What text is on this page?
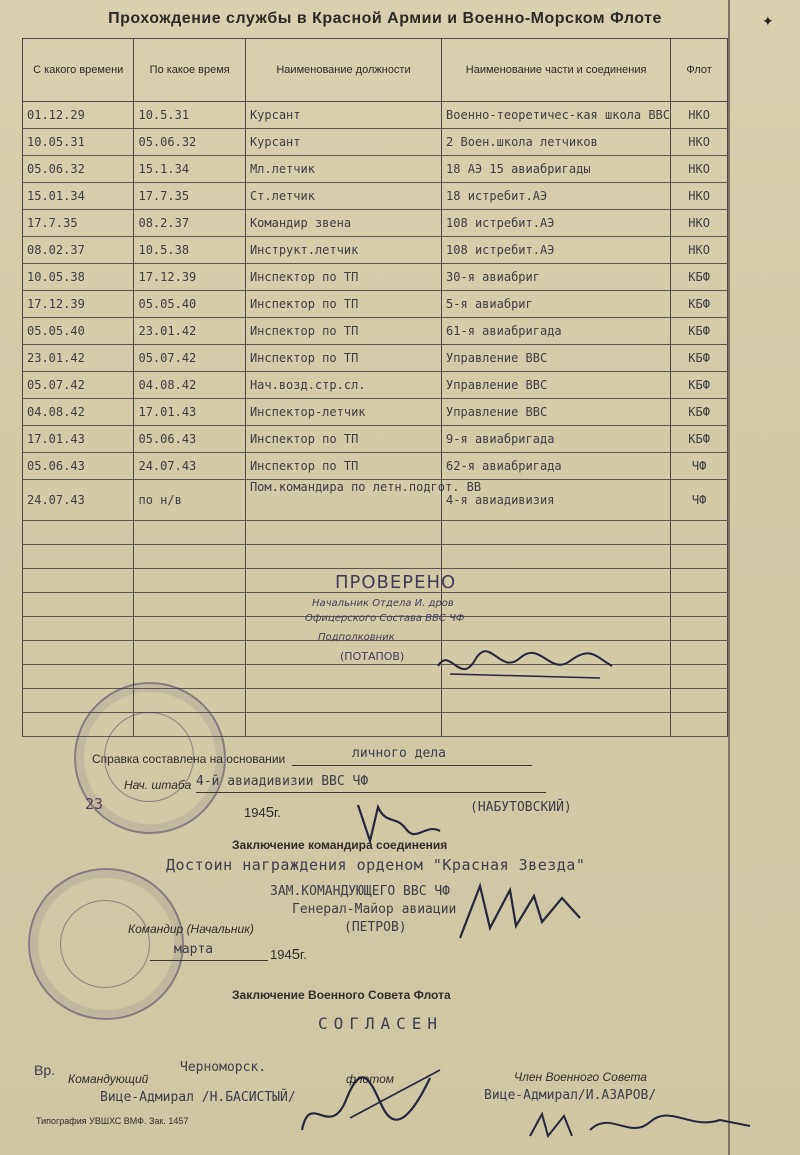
✦
Прохождение службы в Красной Армии и Военно-Морском Флоте
С какого времени	По какое время	Наименование должности	Наименование части и соединения	Флот
01.12.29	10.5.31	Курсант	Военно-теоретичес-кая школа ВВС	НКО
10.05.31	05.06.32	Курсант	2 Воен.школа летчиков	НКО
05.06.32	15.1.34	Мл.летчик	18 АЭ 15 авиабригады	НКО
15.01.34	17.7.35	Ст.летчик	18 истребит.АЭ	НКО
17.7.35	08.2.37	Командир звена	108 истребит.АЭ	НКО
08.02.37	10.5.38	Инструкт.летчик	108 истребит.АЭ	НКО
10.05.38	17.12.39	Инспектор по ТП	30-я авиабриг	КБФ
17.12.39	05.05.40	Инспектор по ТП	5-я авиабриг	КБФ
05.05.40	23.01.42	Инспектор по ТП	61-я авиабригада	КБФ
23.01.42	05.07.42	Инспектор по ТП	Управление ВВС	КБФ
05.07.42	04.08.42	Нач.возд.стр.сл.	Управление ВВС	КБФ
04.08.42	17.01.43	Инспектор-летчик	Управление ВВС	КБФ
17.01.43	05.06.43	Инспектор по ТП	9-я авиабригада	КБФ
05.06.43	24.07.43	Инспектор по ТП	62-я авиабригада	ЧФ
24.07.43	по н/в	Пом.командира по летн.подгот. ВВ	4-я авиадивизия	ЧФ

ПРОВЕРЕНО
Начальник Отдела И. дров
Офицерского Состава ВВС ЧФ
Подполковник
(ПОТАПОВ)
Справка составлена на основании	личного дела
Нач. штаба 4-й авиадивизии ВВС ЧФ
23	1945г.	(НАБУТОВСКИЙ)
Заключение командира соединения
Достоин награждения орденом "Красная Звезда"
ЗАМ.КОМАНДУЮЩЕГО ВВС ЧФ
Генерал-Майор авиации
(ПЕТРОВ)
Командир (Начальник)
марта	1945г.
Заключение Военного Совета Флота
СОГЛАСЕН
Вр.
Командующий
Черноморск.
флотом
Вице-Адмирал /Н.БАСИСТЫЙ/
Член Военного Совета
Вице-Адмирал/И.АЗАРОВ/
Типография УВШХС ВМФ. Зак. 1457
